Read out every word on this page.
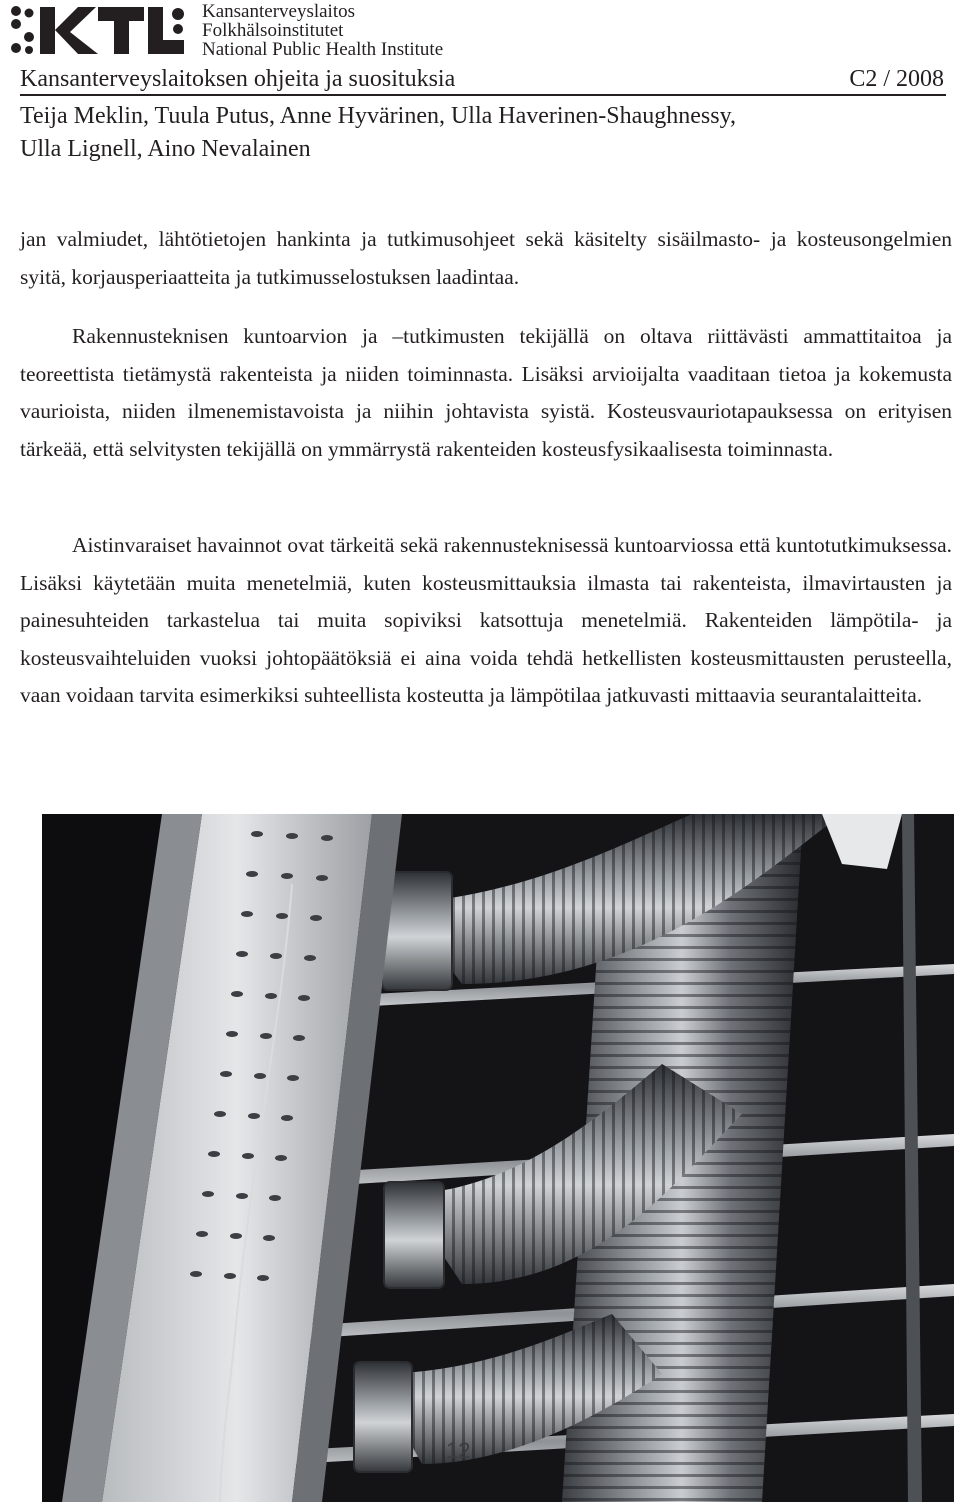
Kansanterveyslaitos
Folkhälsoinstitutet
National Public Health Institute
Kansanterveyslaitoksen ohjeita ja suosituksia	C2 / 2008
Teija Meklin, Tuula Putus, Anne Hyvärinen, Ulla Haverinen-Shaughnessy,
Ulla Lignell, Aino Nevalainen

jan valmiudet, lähtötietojen hankinta ja tutkimusohjeet sekä käsitelty sisäilmasto- ja kosteusongelmien syitä, korjausperiaatteita ja tutkimusselostuksen laadintaa.

Rakennusteknisen kuntoarvion ja –tutkimusten tekijällä on oltava riittävästi ammattitaitoa ja teoreettista tietämystä rakenteista ja niiden toiminnasta. Lisäksi arvioijalta vaaditaan tietoa ja kokemusta vaurioista, niiden ilmenemistavoista ja niihin johtavista syistä. Kosteusvauriotapauksessa on erityisen tärkeää, että selvitysten tekijällä on ymmärrystä rakenteiden kosteusfysikaalisesta toiminnasta.

Aistinvaraiset havainnot ovat tärkeitä sekä rakennusteknisessä kuntoarviossa että kuntotutkimuksessa. Lisäksi käytetään muita menetelmiä, kuten kosteusmittauksia ilmasta tai rakenteista, ilmavirtausten ja painesuhteiden tarkastelua tai muita sopiviksi katsottuja menetelmiä. Rakenteiden lämpötila- ja kosteusvaihteluiden vuoksi johtopäätöksiä ei aina voida tehdä hetkellisten kosteusmittausten perusteella, vaan voidaan tarvita esimerkiksi suhteellista kosteutta ja lämpötilaa jatkuvasti mittaavia seurantalaitteita.

12
